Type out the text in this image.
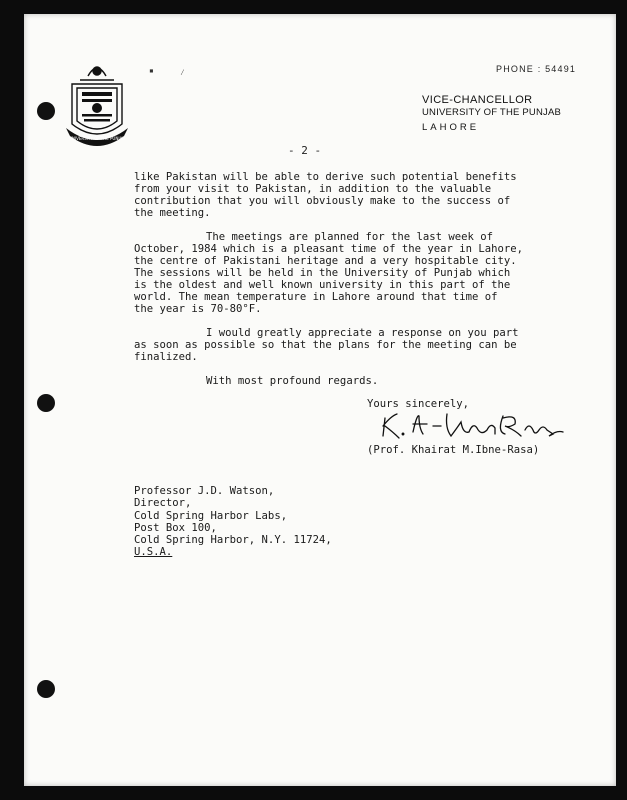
UNIVERSITY OF THE PUNJAB
▪	⁄	PHONE : 54491
VICE-CHANCELLOR
UNIVERSITY OF THE PUNJAB
LAHORE
- 2 -
like Pakistan will be able to derive such potential benefits
from your visit to Pakistan, in addition to the valuable
contribution that you will obviously make to the success of
the meeting.
The meetings are planned for the last week of
October, 1984 which is a pleasant time of the year in Lahore,
the centre of Pakistani heritage and a very hospitable city.
The sessions will be held in the University of Punjab which
is the oldest and well known university in this part of the
world. The mean temperature in Lahore around that time of
the year is 70-80°F.
I would greatly appreciate a response on you part
as soon as possible so that the plans for the meeting can be
finalized.
With most profound regards.
Yours sincerely,
(Prof. Khairat M.Ibne-Rasa)
Professor J.D. Watson,
Director,
Cold Spring Harbor Labs,
Post Box 100,
Cold Spring Harbor, N.Y. 11724,
U.S.A.
